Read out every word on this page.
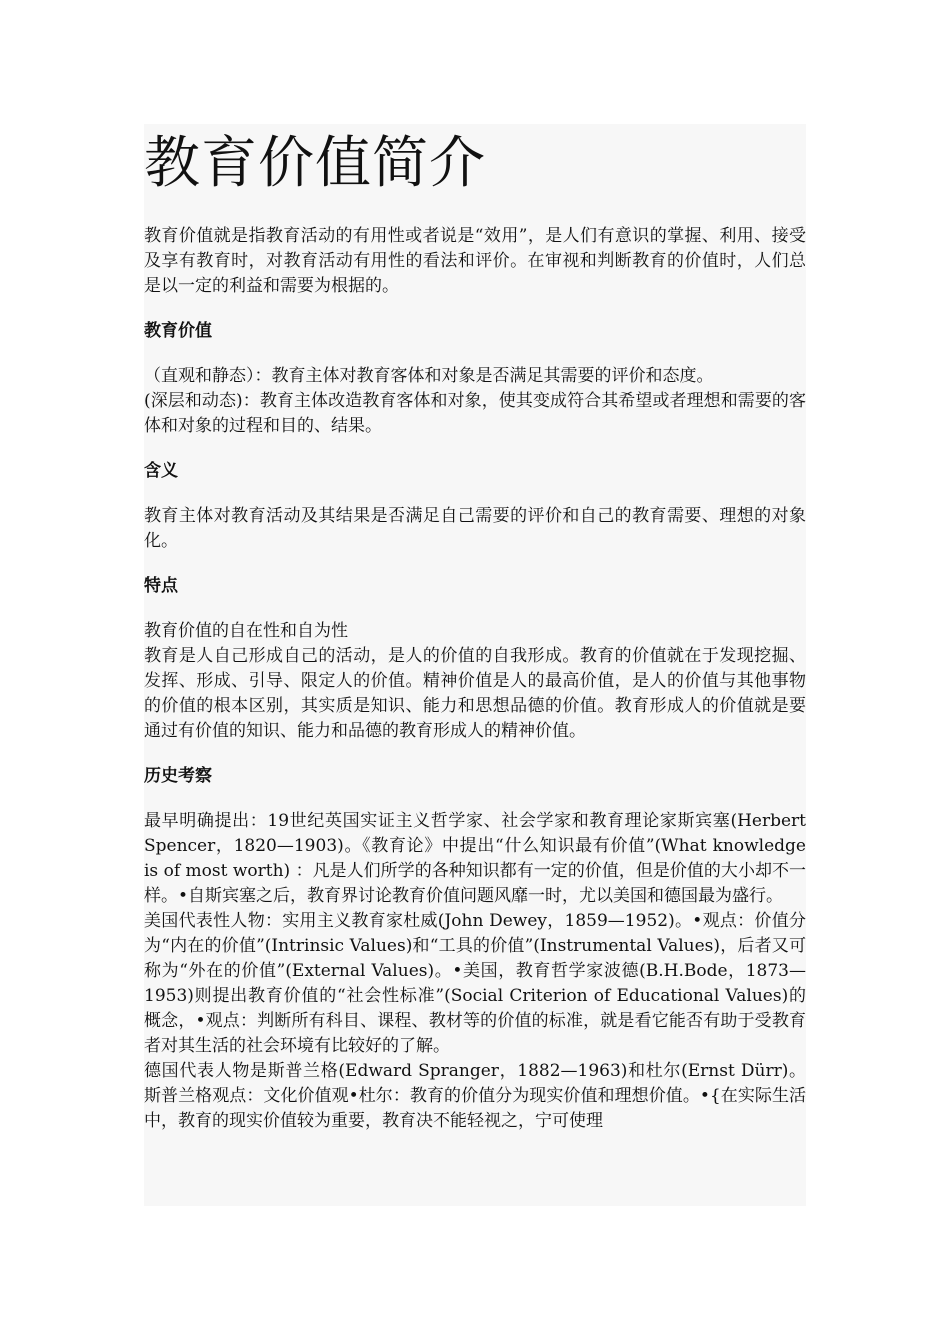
教育价值简介

教育价值就是指教育活动的有用性或者说是“效用”，是人们有意识的掌握、利用、接受及享有教育时，对教育活动有用性的看法和评价。在审视和判断教育的价值时，人们总是以一定的利益和需要为根据的。

教育价值

（直观和静态）：教育主体对教育客体和对象是否满足其需要的评价和态度。

(深层和动态)：教育主体改造教育客体和对象，使其变成符合其希望或者理想和需要的客体和对象的过程和目的、结果。

含义

教育主体对教育活动及其结果是否满足自己需要的评价和自己的教育需要、理想的对象化。

特点

教育价值的自在性和自为性

教育是人自己形成自己的活动，是人的价值的自我形成。教育的价值就在于发现挖掘、发挥、形成、引导、限定人的价值。精神价值是人的最高价值，是人的价值与其他事物的价值的根本区别，其实质是知识、能力和思想品德的价值。教育形成人的价值就是要通过有价值的知识、能力和品德的教育形成人的精神价值。

历史考察

最早明确提出：19世纪英国实证主义哲学家、社会学家和教育理论家斯宾塞(Herbert Spencer，1820—1903)。《教育论》中提出“什么知识最有价值”(What knowledge is of most worth) ：凡是人们所学的各种知识都有一定的价值，但是价值的大小却不一样。•自斯宾塞之后，教育界讨论教育价值问题风靡一时，尤以美国和德国最为盛行。

美国代表性人物：实用主义教育家杜威(John Dewey，1859—1952)。•观点：价值分为“内在的价值”(Intrinsic Values)和“工具的价值”(Instrumental Values)，后者又可称为“外在的价值”(External Values)。•美国，教育哲学家波德(B.H.Bode，1873—1953)则提出教育价值的“社会性标准”(Social Criterion of Educational Values)的概念，•观点：判断所有科目、课程、教材等的价值的标准，就是看它能否有助于受教育者对其生活的社会环境有比较好的了解。

德国代表人物是斯普兰格(Edward Spranger，1882—1963)和杜尔(Ernst Dürr)。斯普兰格观点：文化价值观•杜尔：教育的价值分为现实价值和理想价值。•{在实际生活中，教育的现实价值较为重要，教育决不能轻视之，宁可使理
